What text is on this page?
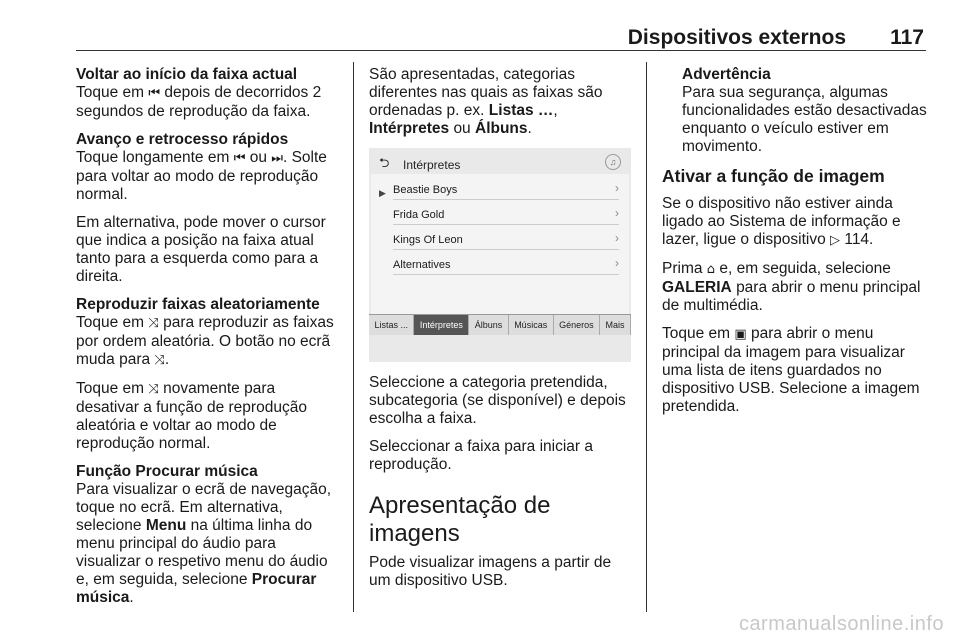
Dispositivos externos 117

Voltar ao início da faixa actual
Toque em ⏮ depois de decorridos 2 segundos de reprodução da faixa.

Avanço e retrocesso rápidos
Toque longamente em ⏮ ou ⏭. Solte para voltar ao modo de reprodução normal.

Em alternativa, pode mover o cursor que indica a posição na faixa atual tanto para a esquerda como para a direita.

Reproduzir faixas aleatoriamente
Toque em ⤨ para reproduzir as faixas por ordem aleatória. O botão no ecrã muda para ⤨.

Toque em ⤨ novamente para desativar a função de reprodução aleatória e voltar ao modo de reprodução normal.

Função Procurar música
Para visualizar o ecrã de navegação, toque no ecrã. Em alternativa, selecione Menu na última linha do menu principal do áudio para visualizar o respetivo menu do áudio e, em seguida, selecione Procurar música.

São apresentadas, categorias diferentes nas quais as faixas são ordenadas p. ex. Listas …, Intérpretes ou Álbuns.

⮌ Intérpretes	♫
▶ Beastie Boys	›
Frida Gold	›
Kings Of Leon	›
Alternatives	›
Listas ...	Intérpretes	Álbuns	Músicas	Géneros	Mais

Seleccione a categoria pretendida, subcategoria (se disponível) e depois escolha a faixa.

Seleccionar a faixa para iniciar a reprodução.

Apresentação de imagens

Pode visualizar imagens a partir de um dispositivo USB.

Advertência
Para sua segurança, algumas funcionalidades estão desactivadas enquanto o veículo estiver em movimento.
Ativar a função de imagem

Se o dispositivo não estiver ainda ligado ao Sistema de informação e lazer, ligue o dispositivo ▷ 114.

Prima ⌂ e, em seguida, selecione GALERIA para abrir o menu principal de multimédia.

Toque em ▣ para abrir o menu principal da imagem para visualizar uma lista de itens guardados no dispositivo USB. Selecione a imagem pretendida.

carmanualsonline.info
